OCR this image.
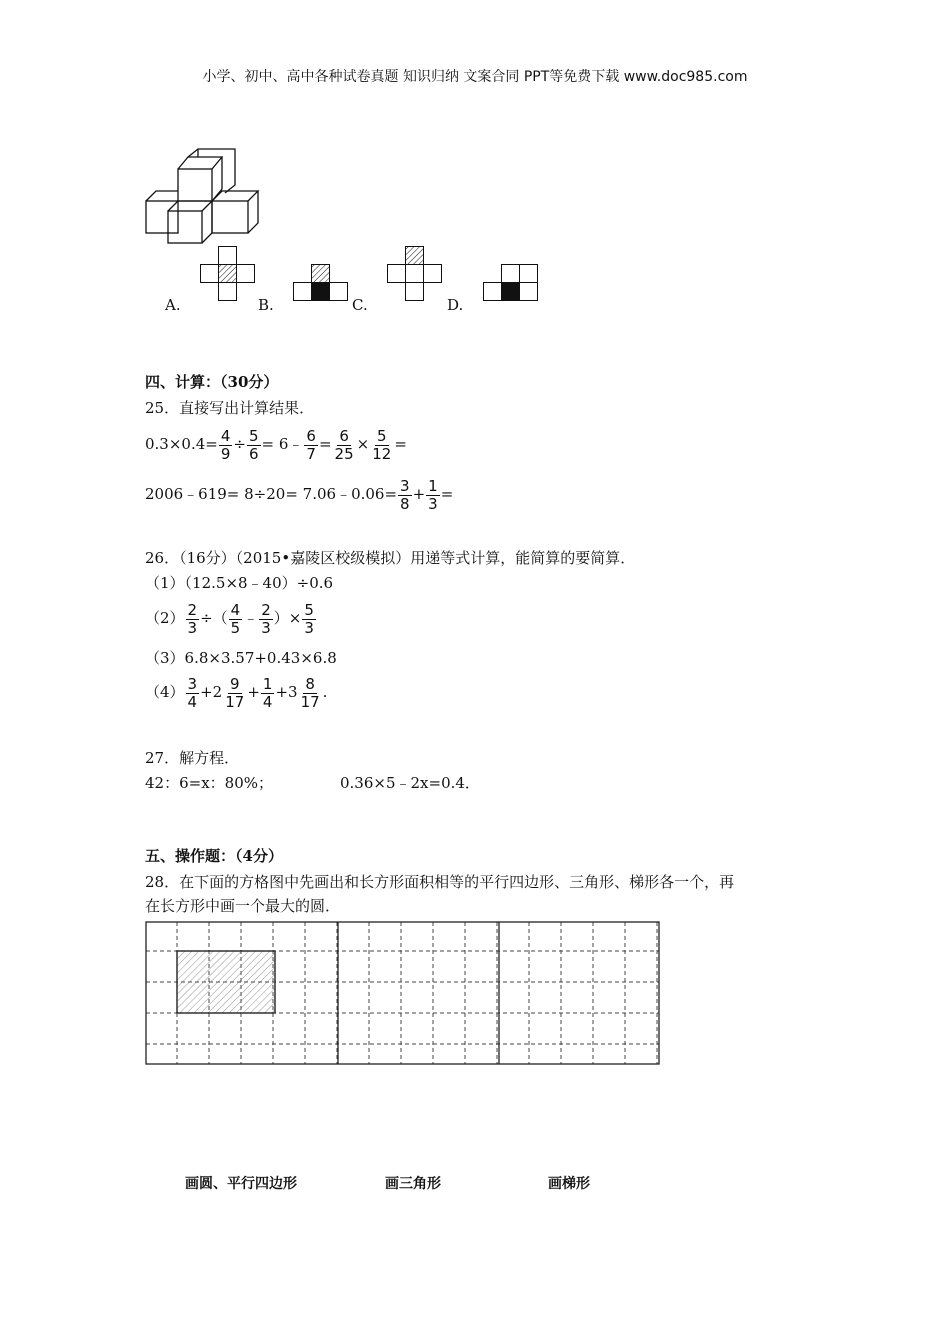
小学、初中、高中各种试卷真题 知识归纳 文案合同 PPT等免费下载 www.doc985.com
A.	B.	C.	D.
四、计算：（30分）
25．直接写出计算结果．
$0.3\times 0.4= \frac{4}{9} \div \frac{5}{6}$ = 6﹣ $\frac{6}{7} = \frac{6}{25} \times \frac{5}{12}$ =
2006﹣619= 8÷20= 7.06﹣0.06= $\frac{3}{8} + \frac{1}{3}$ =
26．（16分）（2015•嘉陵区校级模拟）用递等式计算，能简算的要简算．
（1）（12.5×8﹣40）÷0.6
$(2) \frac{2}{3}$ ÷（ $\frac{4}{5}$ ﹣ $\frac{2}{3}$ ）× $\frac{5}{3}$
（3）6.8×3.57+0.43×6.8
$(4) \frac{3}{4} +2 \frac{9}{17} + \frac{1}{4} +3 \frac{8}{17}$ .
27．解方程．
42：6=x：80%；	0.36×5﹣2x=0.4．
五、操作题：（4分）
28．在下面的方格图中先画出和长方形面积相等的平行四边形、三角形、梯形各一个，再
在长方形中画一个最大的圆．
画圆、平行四边形	画三角形	画梯形
